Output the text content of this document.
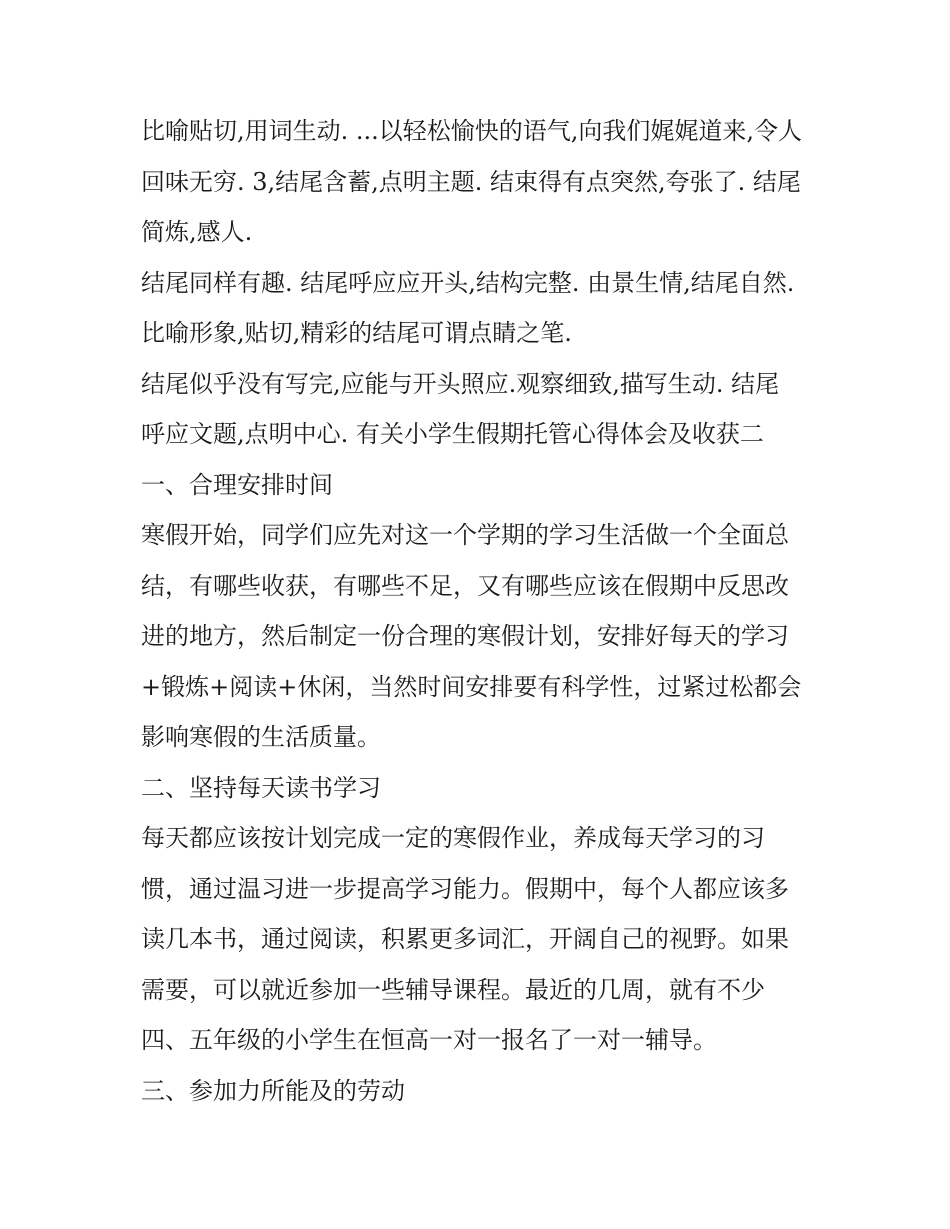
比喻贴切,用词生动. ...以轻松愉快的语气,向我们娓娓道来,令人
回味无穷. 3,结尾含蓄,点明主题. 结束得有点突然,夸张了. 结尾
简炼,感人.
结尾同样有趣. 结尾呼应应开头,结构完整. 由景生情,结尾自然.
比喻形象,贴切,精彩的结尾可谓点睛之笔.
结尾似乎没有写完,应能与开头照应.观察细致,描写生动. 结尾
呼应文题,点明中心. 有关小学生假期托管心得体会及收获二
一、合理安排时间
寒假开始，同学们应先对这一个学期的学习生活做一个全面总
结，有哪些收获，有哪些不足，又有哪些应该在假期中反思改
进的地方，然后制定一份合理的寒假计划，安排好每天的学习
+锻炼+阅读+休闲，当然时间安排要有科学性，过紧过松都会
影响寒假的生活质量。
二、坚持每天读书学习
每天都应该按计划完成一定的寒假作业，养成每天学习的习
惯，通过温习进一步提高学习能力。假期中，每个人都应该多
读几本书，通过阅读，积累更多词汇，开阔自己的视野。如果
需要，可以就近参加一些辅导课程。最近的几周，就有不少
四、五年级的小学生在恒高一对一报名了一对一辅导。
三、参加力所能及的劳动
